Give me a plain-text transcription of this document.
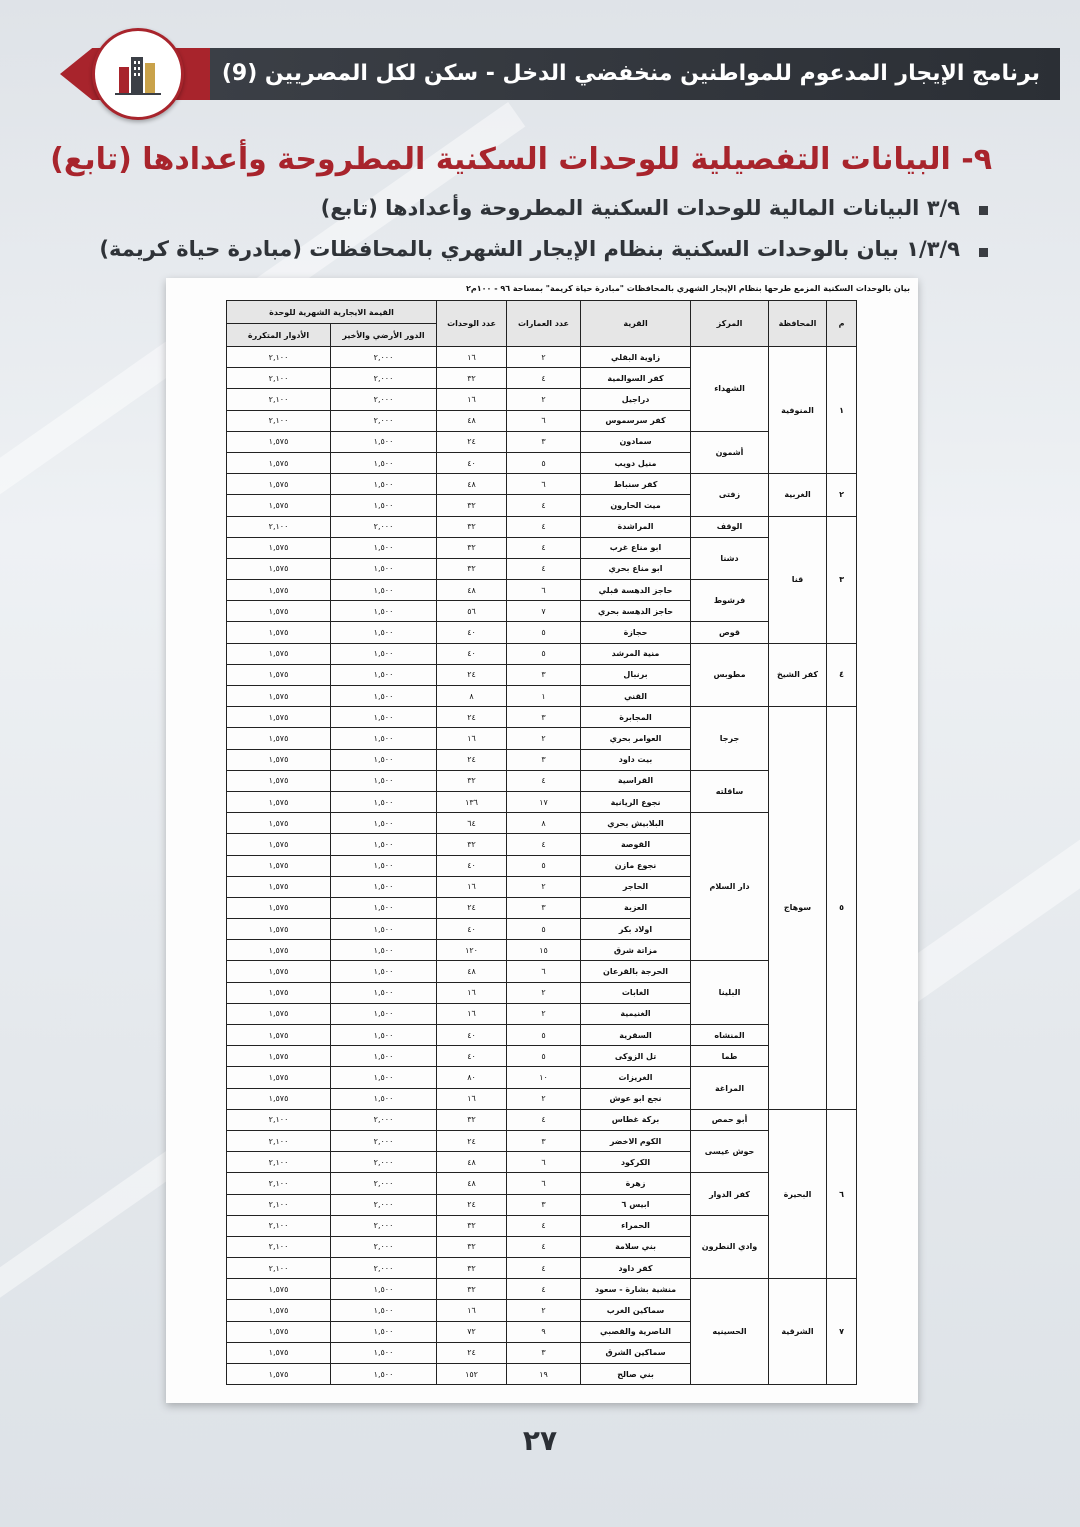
برنامج الإيجار المدعوم للمواطنين منخفضي الدخل - سكن لكل المصريين (9)
٩- البيانات التفصيلية للوحدات السكنية المطروحة وأعدادها (تابع)
٣/٩ البيانات المالية للوحدات السكنية المطروحة وأعدادها (تابع)
١/٣/٩ بيان بالوحدات السكنية بنظام الإيجار الشهري بالمحافظات (مبادرة حياة كريمة)
بيان بالوحدات السكنية المزمع طرحها بنظام الإيجار الشهري بالمحافظات "مبادرة حياة كريمة" بمساحة ٩٦ - ١٠٠م٢
م	المحافظة	المركز	القرية	عدد العمارات	عدد الوحدات	القيمة الايجارية الشهرية للوحدة	
						الدور الأرضي والأخير	الأدوار المتكررة
١	المنوفية	الشهداء	زاوية البقلي	٢	١٦	٢,٠٠٠	٢,١٠٠
			كفر السوالمية	٤	٣٢	٢,٠٠٠	٢,١٠٠
			دراجيل	٢	١٦	٢,٠٠٠	٢,١٠٠
			كفر سرسموس	٦	٤٨	٢,٠٠٠	٢,١٠٠
		أشمون	سمادون	٣	٢٤	١,٥٠٠	١,٥٧٥
			منيل دويب	٥	٤٠	١,٥٠٠	١,٥٧٥
٢	الغربية	زفتى	كفر سنباط	٦	٤٨	١,٥٠٠	١,٥٧٥
			ميت الحارون	٤	٣٢	١,٥٠٠	١,٥٧٥
٣	قنا	الوقف	المراشدة	٤	٣٢	٢,٠٠٠	٢,١٠٠
		دشنا	ابو مناع غرب	٤	٣٢	١,٥٠٠	١,٥٧٥
			ابو مناع بحري	٤	٣٢	١,٥٠٠	١,٥٧٥
		فرشوط	حاجز الدهسة قبلي	٦	٤٨	١,٥٠٠	١,٥٧٥
			حاجز الدهسة بحري	٧	٥٦	١,٥٠٠	١,٥٧٥
		قوص	حجازة	٥	٤٠	١,٥٠٠	١,٥٧٥
٤	كفر الشيخ	مطوبس	منية المرشد	٥	٤٠	١,٥٠٠	١,٥٧٥
			برنبال	٣	٢٤	١,٥٠٠	١,٥٧٥
			القني	١	٨	١,٥٠٠	١,٥٧٥
٥	سوهاج	جرجا	المجابرة	٣	٢٤	١,٥٠٠	١,٥٧٥
			العوامر بحري	٢	١٦	١,٥٠٠	١,٥٧٥
			بيت داود	٣	٢٤	١,٥٠٠	١,٥٧٥
		ساقلته	القراسية	٤	٣٢	١,٥٠٠	١,٥٧٥
			نجوع الريانية	١٧	١٣٦	١,٥٠٠	١,٥٧٥
		دار السلام	البلابيش بحري	٨	٦٤	١,٥٠٠	١,٥٧٥
			القوصة	٤	٣٢	١,٥٠٠	١,٥٧٥
			نجوع مازن	٥	٤٠	١,٥٠٠	١,٥٧٥
			الحاجر	٢	١٦	١,٥٠٠	١,٥٧٥
			العزبة	٣	٢٤	١,٥٠٠	١,٥٧٥
			اولاد بكر	٥	٤٠	١,٥٠٠	١,٥٧٥
			مزاتة شرق	١٥	١٢٠	١,٥٠٠	١,٥٧٥
		البلينا	الحرجة بالقرعان	٦	٤٨	١,٥٠٠	١,٥٧٥
			الغابات	٢	١٦	١,٥٠٠	١,٥٧٥
			الغنيمية	٢	١٦	١,٥٠٠	١,٥٧٥
		المنشاه	السقرية	٥	٤٠	١,٥٠٠	١,٥٧٥
		طما	تل الزوكى	٥	٤٠	١,٥٠٠	١,٥٧٥
		المراغة	الغريزات	١٠	٨٠	١,٥٠٠	١,٥٧٥
			نجع ابو عوش	٢	١٦	١,٥٠٠	١,٥٧٥
٦	البحيرة	أبو حمص	بركة غطاس	٤	٣٢	٢,٠٠٠	٢,١٠٠
		حوش عيسى	الكوم الاخضر	٣	٢٤	٢,٠٠٠	٢,١٠٠
			الكركود	٦	٤٨	٢,٠٠٠	٢,١٠٠
		كفر الدوار	زهرة	٦	٤٨	٢,٠٠٠	٢,١٠٠
			ابيس ٦	٣	٢٤	٢,٠٠٠	٢,١٠٠
		وادي النطرون	الحمراء	٤	٣٢	٢,٠٠٠	٢,١٠٠
			بني سلامة	٤	٣٢	٢,٠٠٠	٢,١٠٠
			كفر داود	٤	٣٢	٢,٠٠٠	٢,١٠٠
٧	الشرقية	الحسينيه	منشية بشارة - سعود	٤	٣٢	١,٥٠٠	١,٥٧٥
			سماكين الغرب	٢	١٦	١,٥٠٠	١,٥٧٥
			الناصرية والقصبي	٩	٧٢	١,٥٠٠	١,٥٧٥
			سماكين الشرق	٣	٢٤	١,٥٠٠	١,٥٧٥
			بني صالح	١٩	١٥٢	١,٥٠٠	١,٥٧٥
٢٧
